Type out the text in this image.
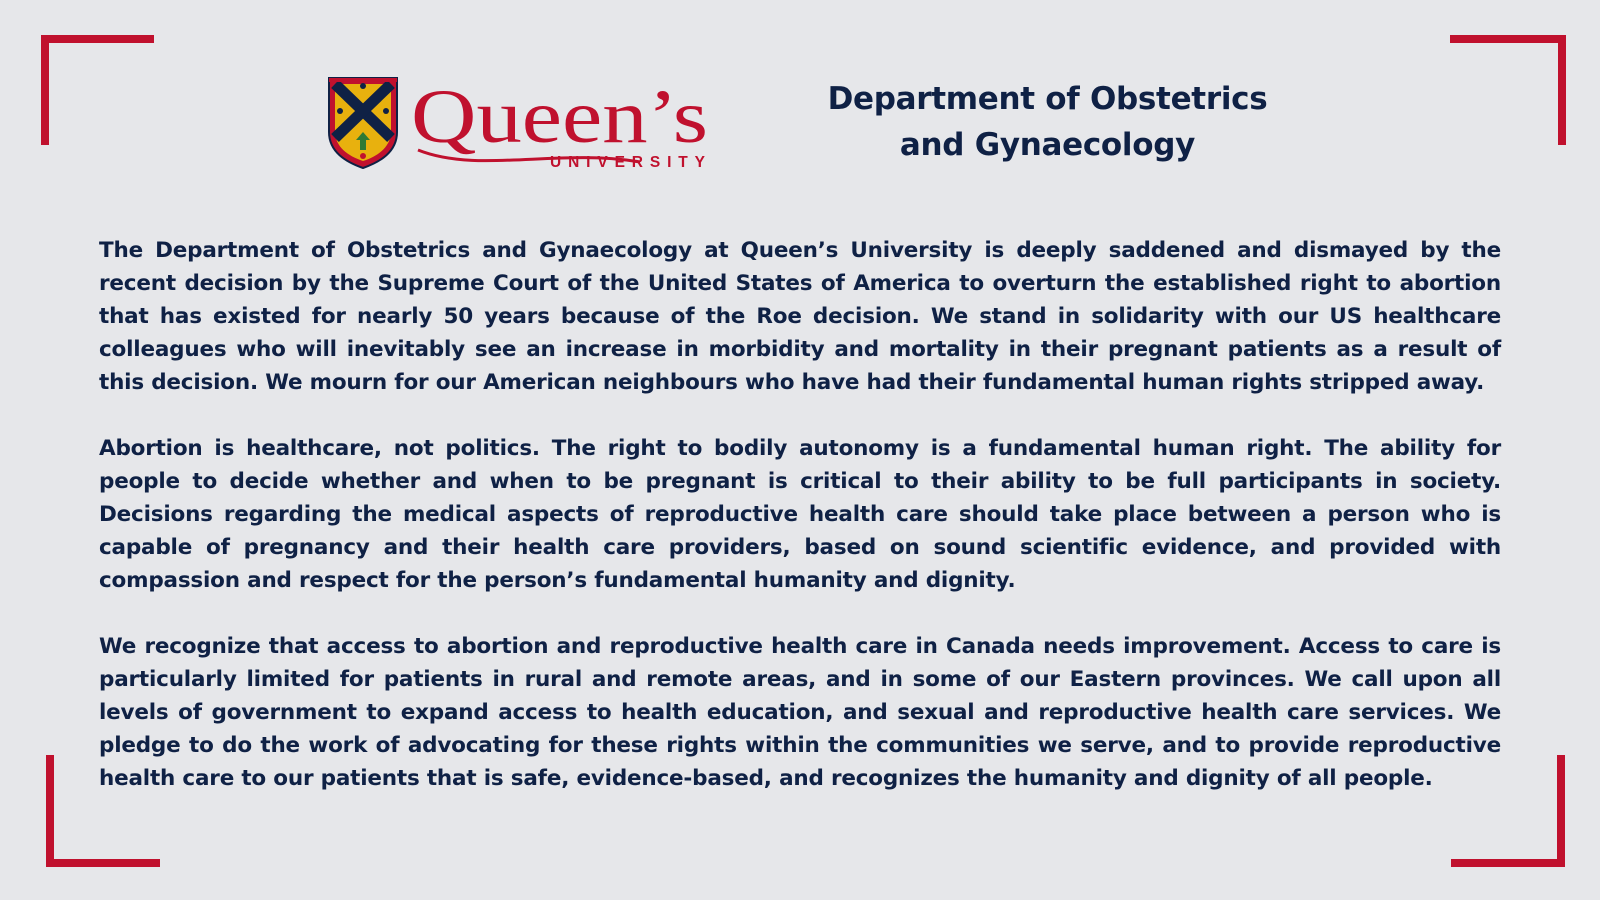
Queen’s
UNIVERSITY
Department of Obstetrics
and Gynaecology

The Department of Obstetrics and Gynaecology at Queen’s University is deeply saddened and dismayed by the recent decision by the Supreme Court of the United States of America to overturn the established right to abortion that has existed for nearly 50 years because of the Roe decision. We stand in solidarity with our US healthcare colleagues who will inevitably see an increase in morbidity and mortality in their pregnant patients as a result of this decision. We mourn for our American neighbours who have had their fundamental human rights stripped away.

Abortion is healthcare, not politics. The right to bodily autonomy is a fundamental human right. The ability for people to decide whether and when to be pregnant is critical to their ability to be full participants in society. Decisions regarding the medical aspects of reproductive health care should take place between a person who is capable of pregnancy and their health care providers, based on sound scientific evidence, and provided with compassion and respect for the person’s fundamental humanity and dignity.

We recognize that access to abortion and reproductive health care in Canada needs improvement. Access to care is particularly limited for patients in rural and remote areas, and in some of our Eastern provinces. We call upon all levels of government to expand access to health education, and sexual and reproductive health care services. We pledge to do the work of advocating for these rights within the communities we serve, and to provide reproductive health care to our patients that is safe, evidence-based, and recognizes the humanity and dignity of all people.
